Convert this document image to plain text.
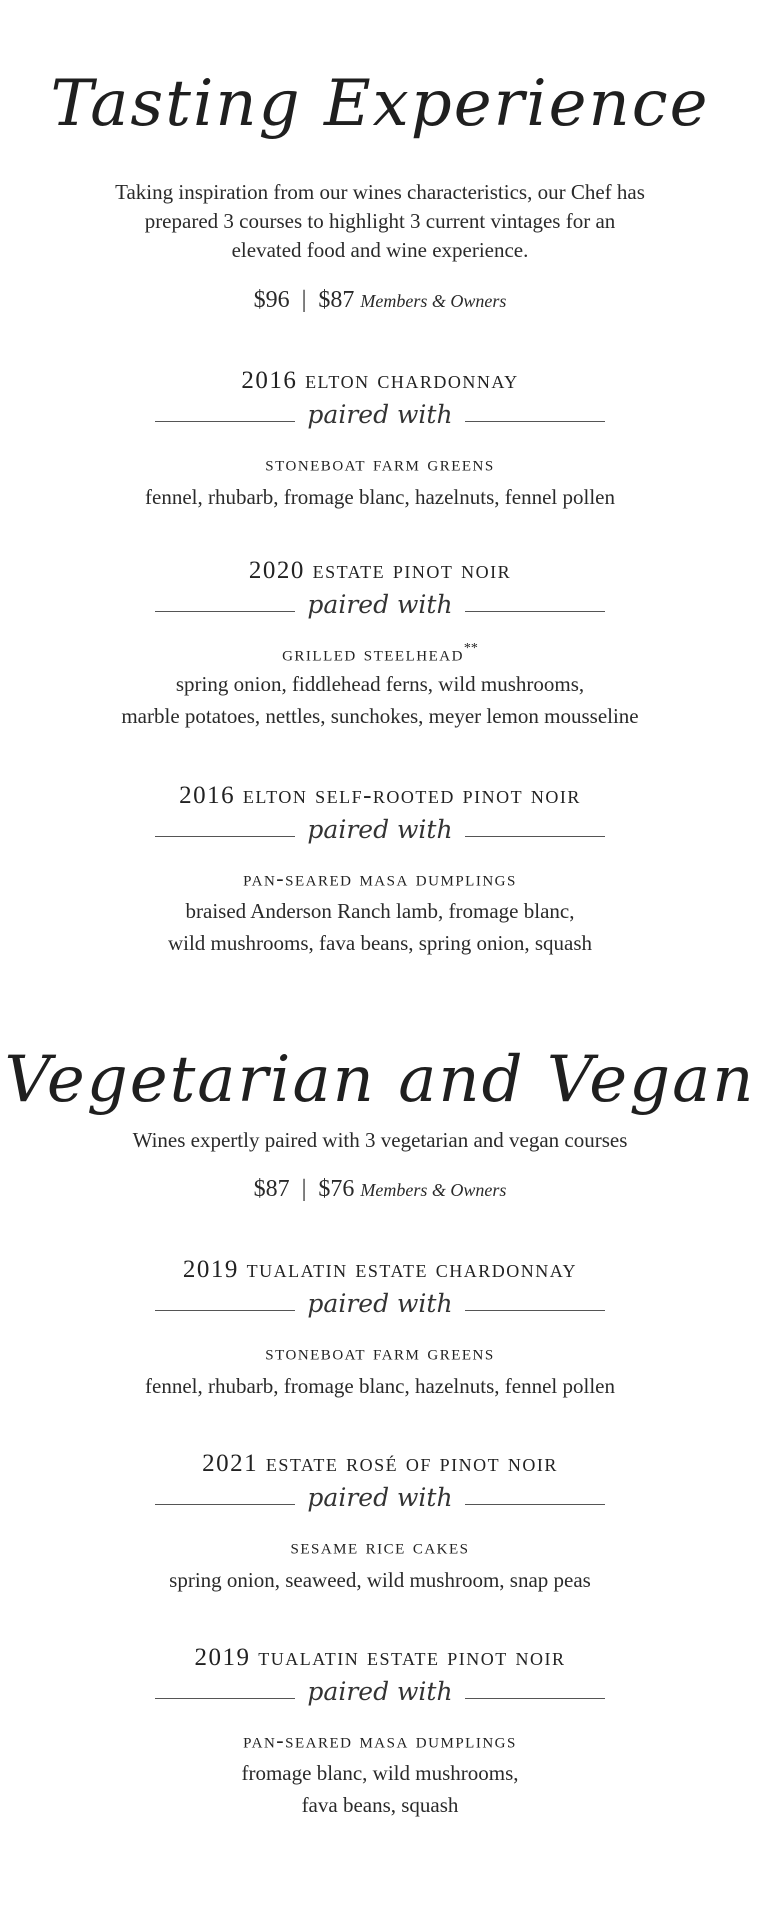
Tasting Experience
Taking inspiration from our wines characteristics, our Chef has
prepared 3 courses to highlight 3 current vintages for an
elevated food and wine experience.
$96 | $87 Members & Owners
2016 elton chardonnay
paired with
stoneboat farm greens
fennel, rhubarb, fromage blanc, hazelnuts, fennel pollen
2020 estate pinot noir
paired with
grilled steelhead**
spring onion, fiddlehead ferns, wild mushrooms,
marble potatoes, nettles, sunchokes, meyer lemon mousseline
2016 elton self-rooted pinot noir
paired with
pan-seared masa dumplings
braised Anderson Ranch lamb, fromage blanc,
wild mushrooms, fava beans, spring onion, squash
Vegetarian and Vegan
Wines expertly paired with 3 vegetarian and vegan courses
$87 | $76 Members & Owners
2019 tualatin estate chardonnay
paired with
stoneboat farm greens
fennel, rhubarb, fromage blanc, hazelnuts, fennel pollen
2021 estate rosé of pinot noir
paired with
sesame rice cakes
spring onion, seaweed, wild mushroom, snap peas
2019 tualatin estate pinot noir
paired with
pan-seared masa dumplings
fromage blanc, wild mushrooms,
fava beans, squash
